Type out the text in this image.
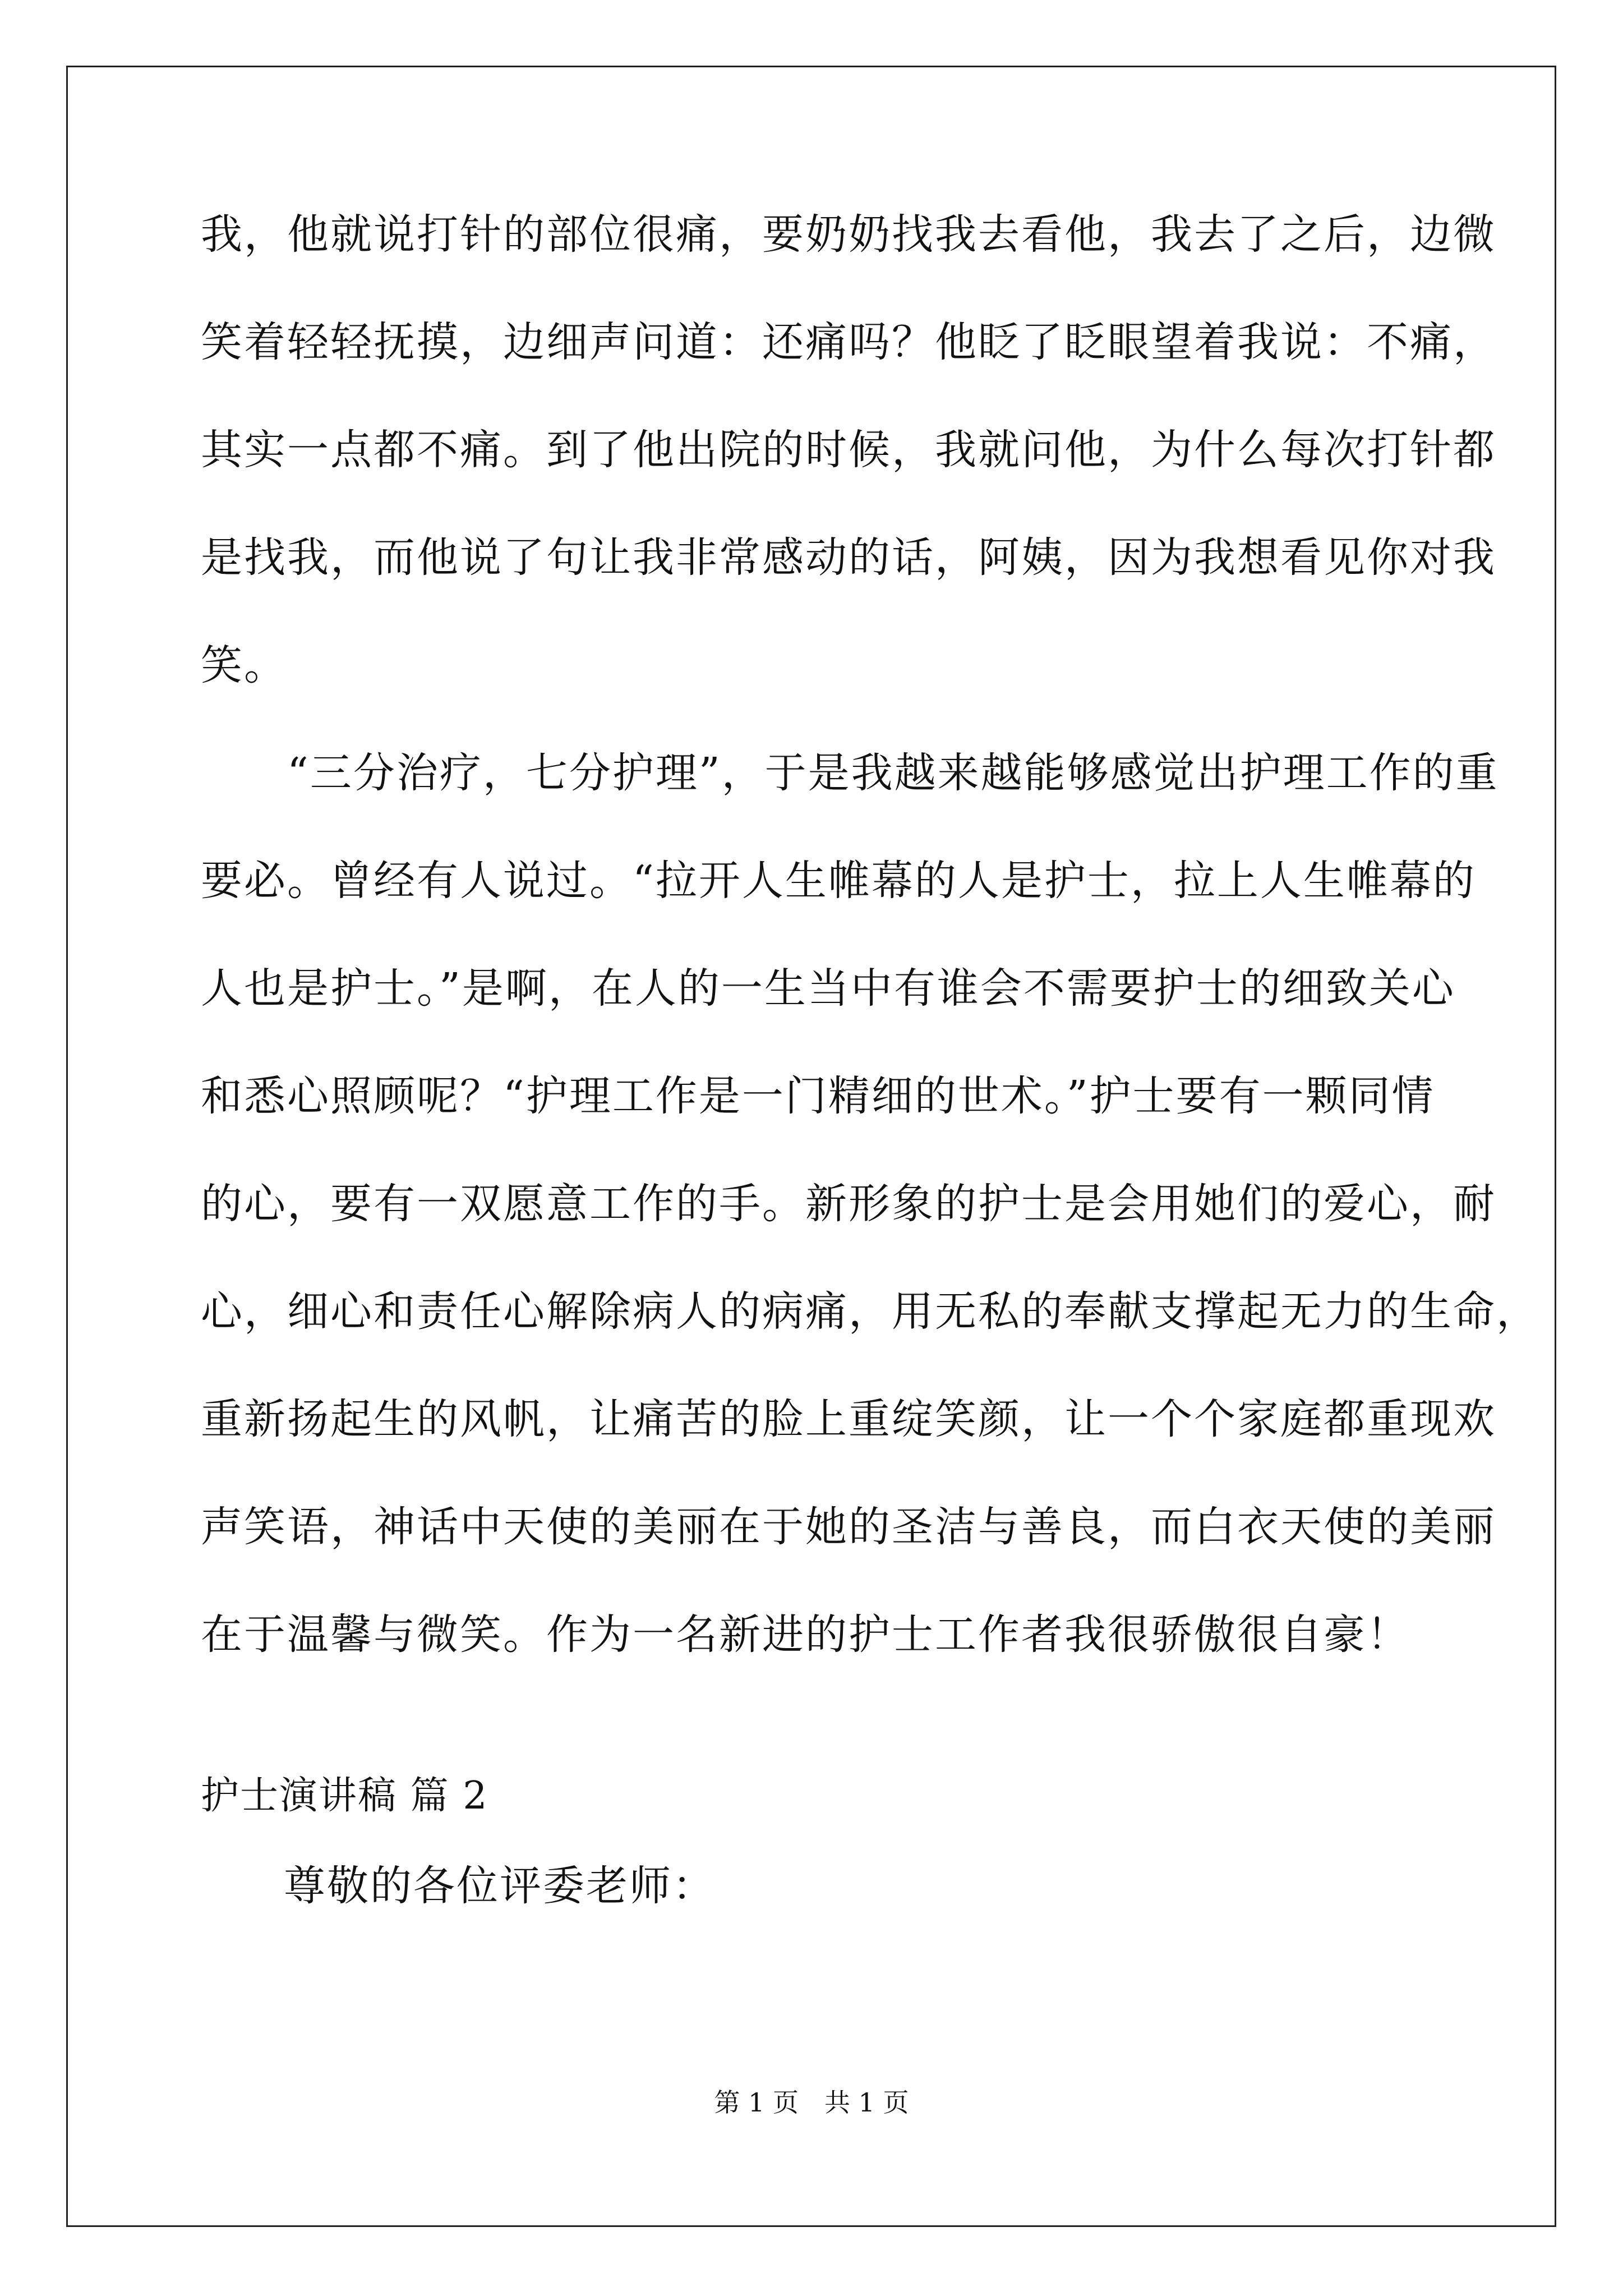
我，他就说打针的部位很痛，要奶奶找我去看他，我去了之后，边微
笑着轻轻抚摸，边细声问道：还痛吗？他眨了眨眼望着我说：不痛，
其实一点都不痛。到了他出院的时候，我就问他，为什么每次打针都
是找我，而他说了句让我非常感动的话，阿姨，因为我想看见你对我
笑。
　　“三分治疗，七分护理”，于是我越来越能够感觉出护理工作的重
要必。曾经有人说过。“拉开人生帷幕的人是护士，拉上人生帷幕的
人也是护士。”是啊，在人的一生当中有谁会不需要护士的细致关心
和悉心照顾呢？“护理工作是一门精细的世术。”护士要有一颗同情
的心，要有一双愿意工作的手。新形象的护士是会用她们的爱心，耐
心，细心和责任心解除病人的病痛，用无私的奉献支撑起无力的生命，
重新扬起生的风帆，让痛苦的脸上重绽笑颜，让一个个家庭都重现欢
声笑语，神话中天使的美丽在于她的圣洁与善良，而白衣天使的美丽
在于温馨与微笑。作为一名新进的护士工作者我很骄傲很自豪！
护士演讲稿 篇 2
尊敬的各位评委老师：
第 1 页　共 1 页
